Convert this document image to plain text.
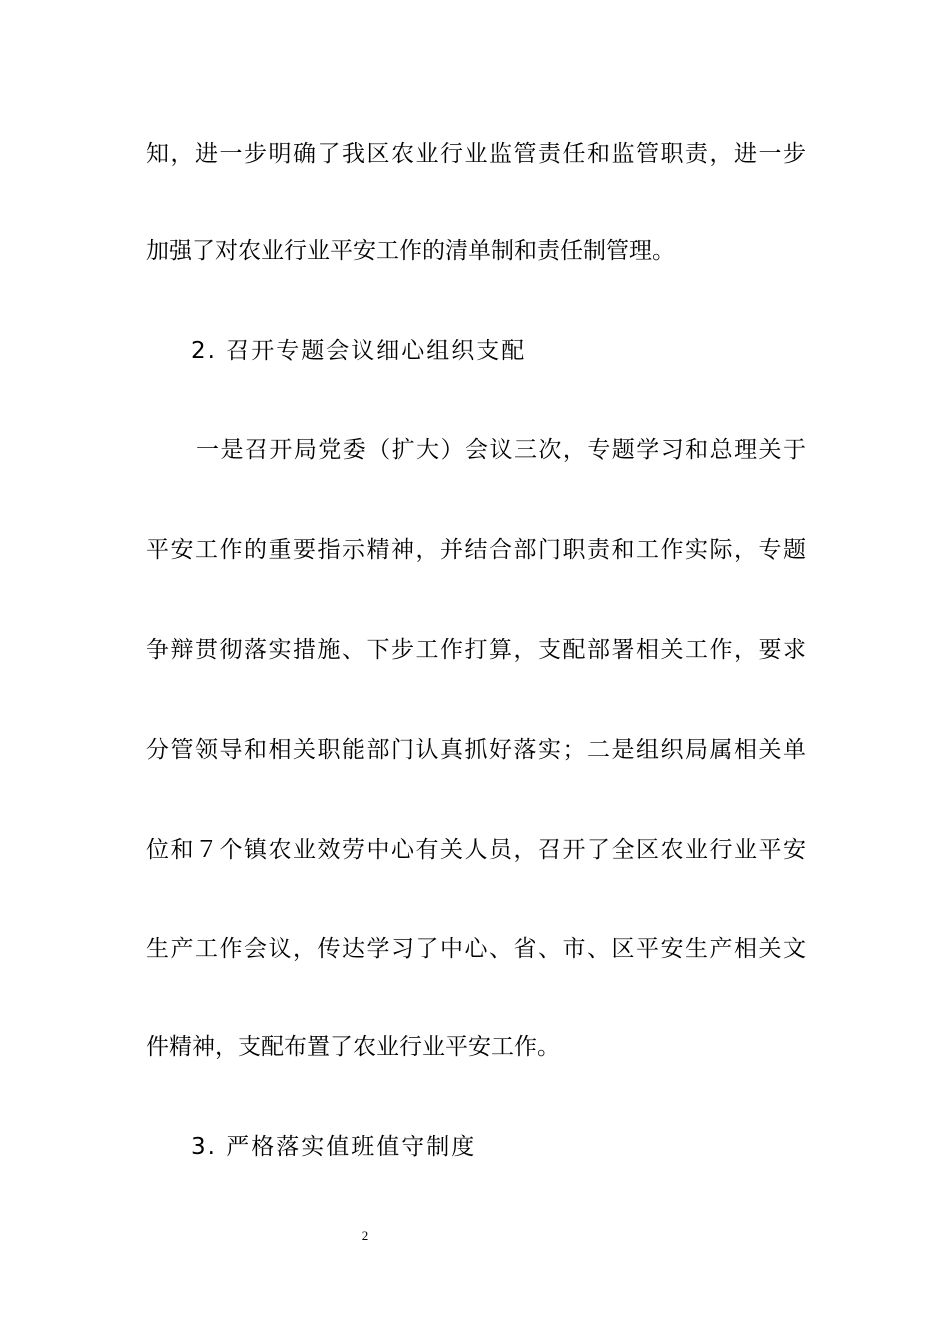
知，进一步明确了我区农业行业监管责任和监管职责，进一步
加强了对农业行业平安工作的清单制和责任制管理。
2. 召开专题会议细心组织支配
一是召开局党委（扩大）会议三次，专题学习和总理关于
平安工作的重要指示精神，并结合部门职责和工作实际，专题
争辩贯彻落实措施、下步工作打算，支配部署相关工作，要求
分管领导和相关职能部门认真抓好落实；二是组织局属相关单
位和７个镇农业效劳中心有关人员，召开了全区农业行业平安
生产工作会议，传达学习了中心、省、市、区平安生产相关文
件精神，支配布置了农业行业平安工作。
3. 严格落实值班值守制度
2
